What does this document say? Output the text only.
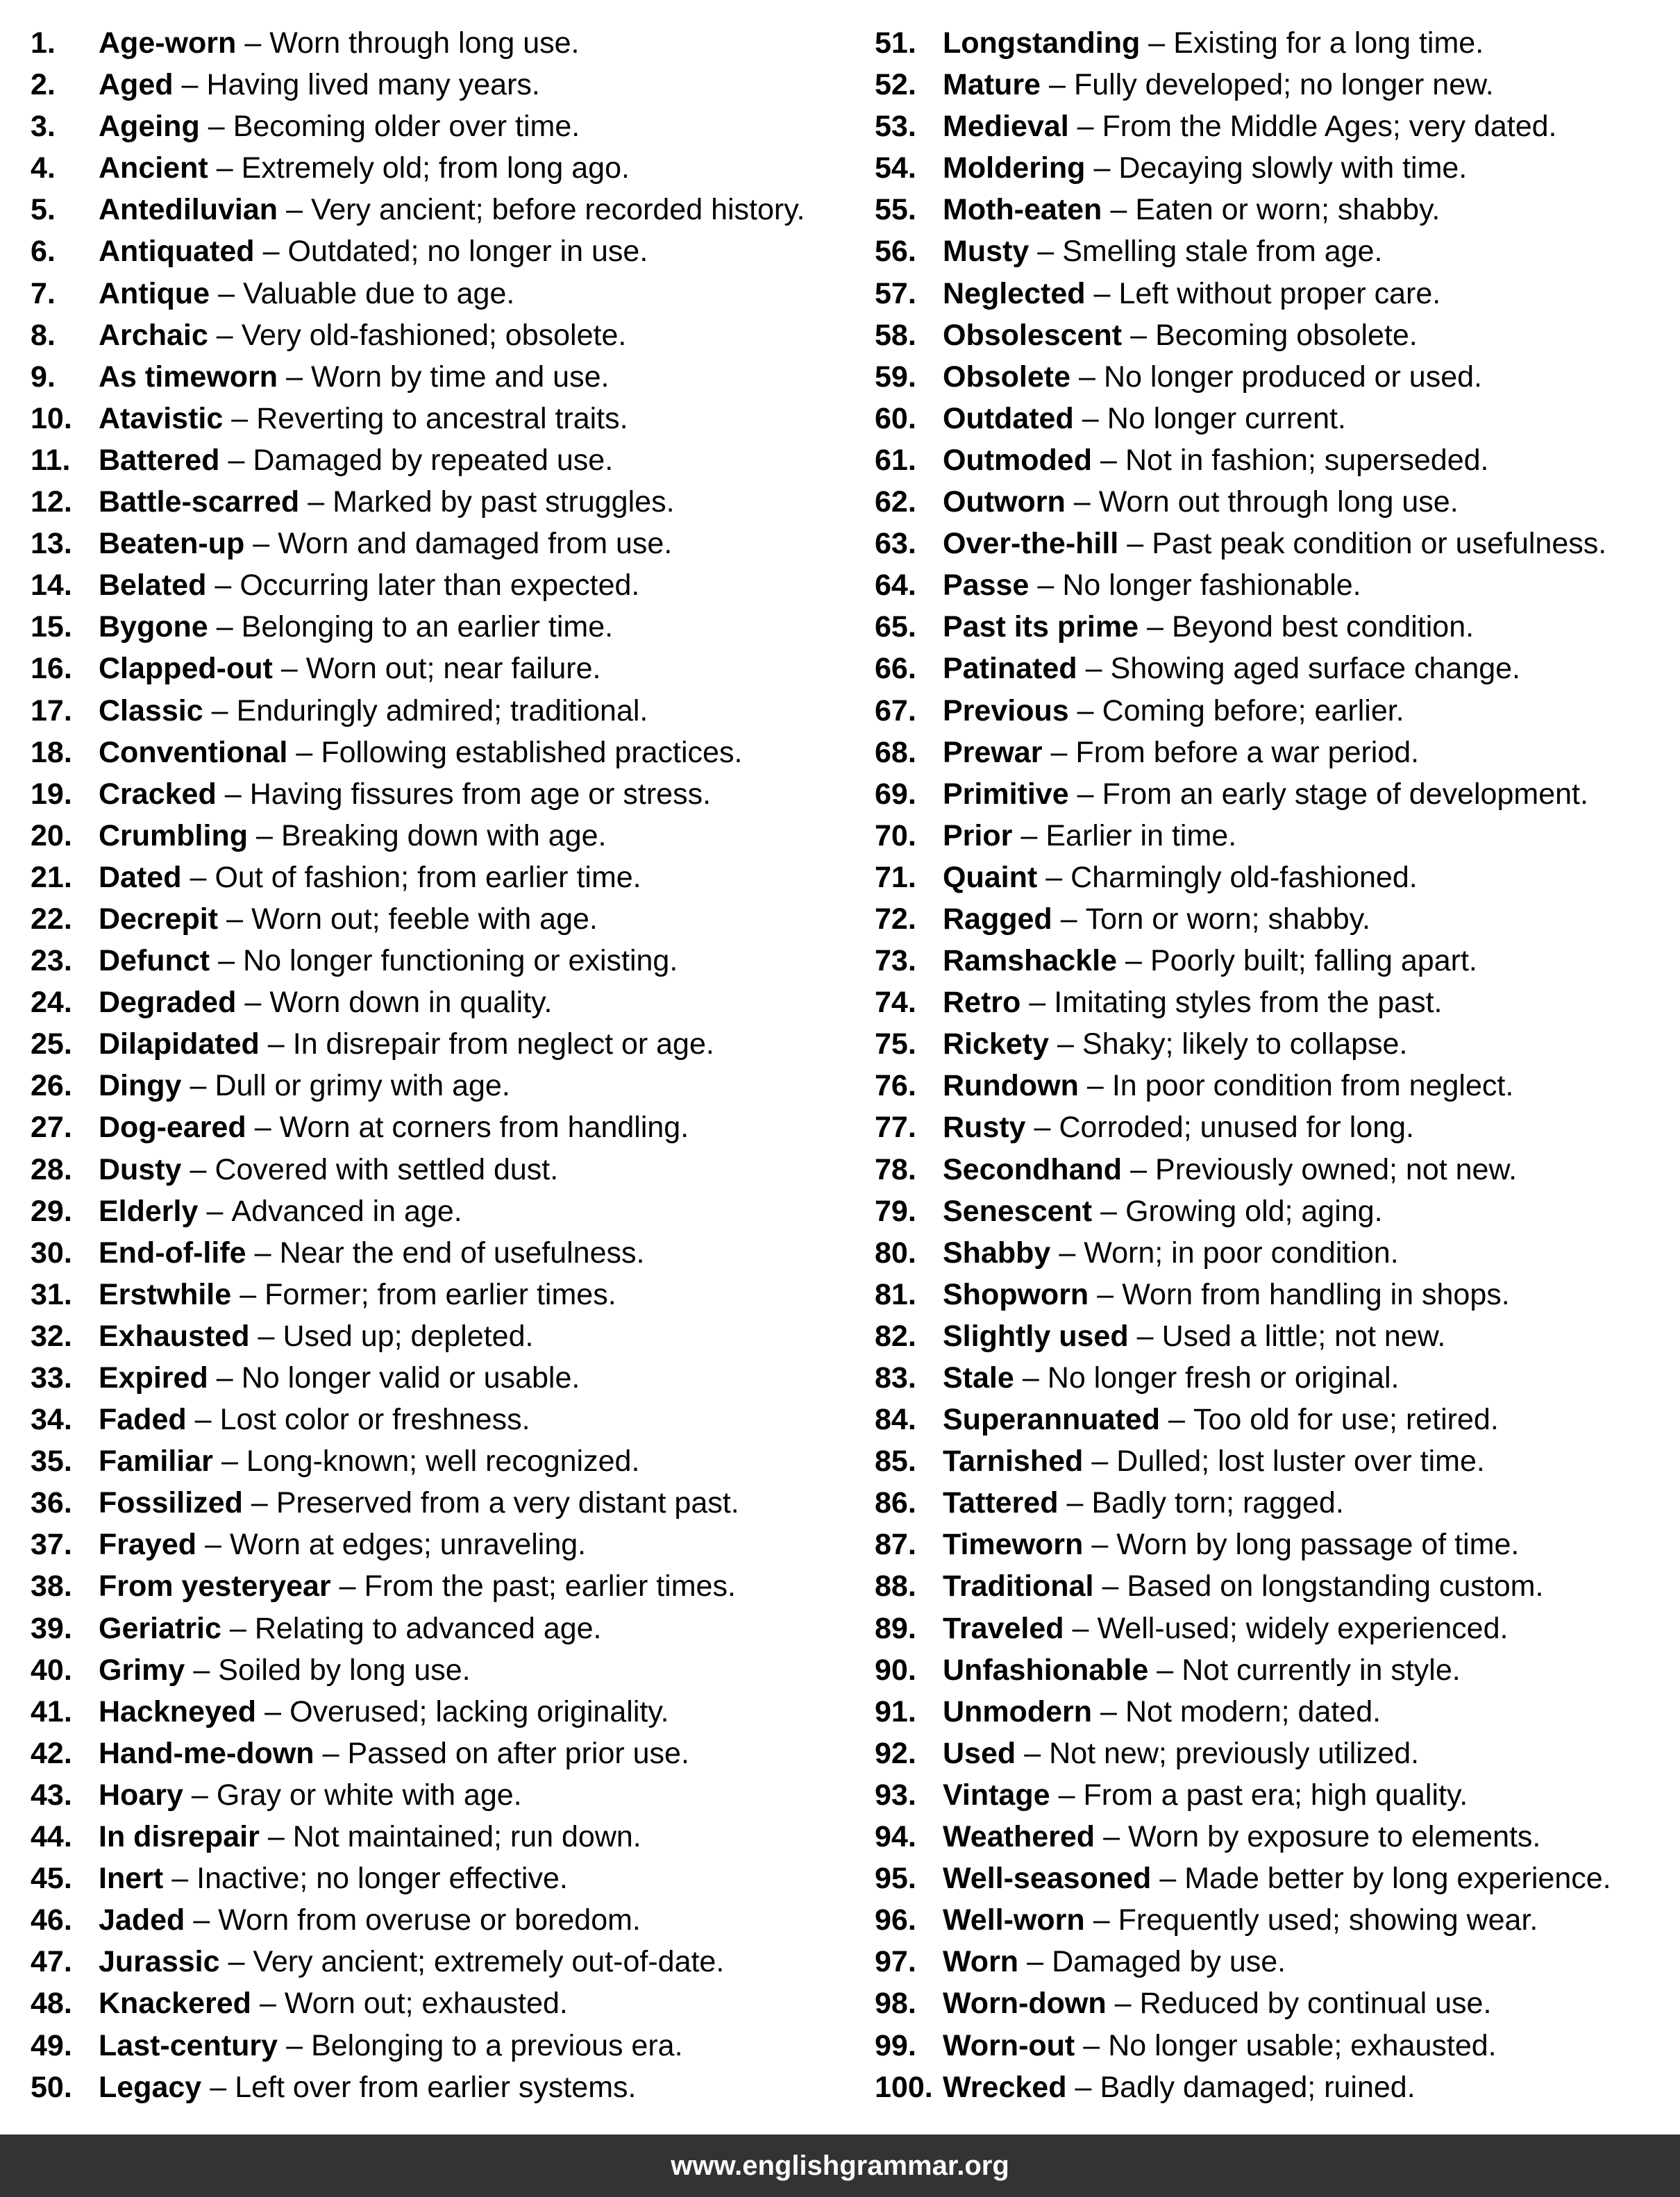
1.	Age-worn – Worn through long use.
2.	Aged – Having lived many years.
3.	Ageing – Becoming older over time.
4.	Ancient – Extremely old; from long ago.
5.	Antediluvian – Very ancient; before recorded history.
6.	Antiquated – Outdated; no longer in use.
7.	Antique – Valuable due to age.
8.	Archaic – Very old-fashioned; obsolete.
9.	As timeworn – Worn by time and use.
10. Atavistic – Reverting to ancestral traits.
11. Battered – Damaged by repeated use.
12. Battle-scarred – Marked by past struggles.
13. Beaten-up – Worn and damaged from use.
14. Belated – Occurring later than expected.
15. Bygone – Belonging to an earlier time.
16. Clapped-out – Worn out; near failure.
17. Classic – Enduringly admired; traditional.
18. Conventional – Following established practices.
19. Cracked – Having fissures from age or stress.
20. Crumbling – Breaking down with age.
21. Dated – Out of fashion; from earlier time.
22. Decrepit – Worn out; feeble with age.
23. Defunct – No longer functioning or existing.
24. Degraded – Worn down in quality.
25. Dilapidated – In disrepair from neglect or age.
26. Dingy – Dull or grimy with age.
27. Dog-eared – Worn at corners from handling.
28. Dusty – Covered with settled dust.
29. Elderly – Advanced in age.
30. End-of-life – Near the end of usefulness.
31. Erstwhile – Former; from earlier times.
32. Exhausted – Used up; depleted.
33. Expired – No longer valid or usable.
34. Faded – Lost color or freshness.
35. Familiar – Long-known; well recognized.
36. Fossilized – Preserved from a very distant past.
37. Frayed – Worn at edges; unraveling.
38. From yesteryear – From the past; earlier times.
39. Geriatric – Relating to advanced age.
40. Grimy – Soiled by long use.
41. Hackneyed – Overused; lacking originality.
42. Hand-me-down – Passed on after prior use.
43. Hoary – Gray or white with age.
44. In disrepair – Not maintained; run down.
45. Inert – Inactive; no longer effective.
46. Jaded – Worn from overuse or boredom.
47. Jurassic – Very ancient; extremely out-of-date.
48. Knackered – Worn out; exhausted.
49. Last-century – Belonging to a previous era.
50. Legacy – Left over from earlier systems.
51. Longstanding – Existing for a long time.
52. Mature – Fully developed; no longer new.
53. Medieval – From the Middle Ages; very dated.
54. Moldering – Decaying slowly with time.
55. Moth-eaten – Eaten or worn; shabby.
56. Musty – Smelling stale from age.
57. Neglected – Left without proper care.
58. Obsolescent – Becoming obsolete.
59. Obsolete – No longer produced or used.
60. Outdated – No longer current.
61. Outmoded – Not in fashion; superseded.
62. Outworn – Worn out through long use.
63. Over-the-hill – Past peak condition or usefulness.
64. Passe – No longer fashionable.
65. Past its prime – Beyond best condition.
66. Patinated – Showing aged surface change.
67. Previous – Coming before; earlier.
68. Prewar – From before a war period.
69. Primitive – From an early stage of development.
70. Prior – Earlier in time.
71. Quaint – Charmingly old-fashioned.
72. Ragged – Torn or worn; shabby.
73. Ramshackle – Poorly built; falling apart.
74. Retro – Imitating styles from the past.
75. Rickety – Shaky; likely to collapse.
76. Rundown – In poor condition from neglect.
77. Rusty – Corroded; unused for long.
78. Secondhand – Previously owned; not new.
79. Senescent – Growing old; aging.
80. Shabby – Worn; in poor condition.
81. Shopworn – Worn from handling in shops.
82. Slightly used – Used a little; not new.
83. Stale – No longer fresh or original.
84. Superannuated – Too old for use; retired.
85. Tarnished – Dulled; lost luster over time.
86. Tattered – Badly torn; ragged.
87. Timeworn – Worn by long passage of time.
88. Traditional – Based on longstanding custom.
89. Traveled – Well-used; widely experienced.
90. Unfashionable – Not currently in style.
91. Unmodern – Not modern; dated.
92. Used – Not new; previously utilized.
93. Vintage – From a past era; high quality.
94. Weathered – Worn by exposure to elements.
95. Well-seasoned – Made better by long experience.
96. Well-worn – Frequently used; showing wear.
97. Worn – Damaged by use.
98. Worn-down – Reduced by continual use.
99. Worn-out – No longer usable; exhausted.
100. Wrecked – Badly damaged; ruined.
www.englishgrammar.org
